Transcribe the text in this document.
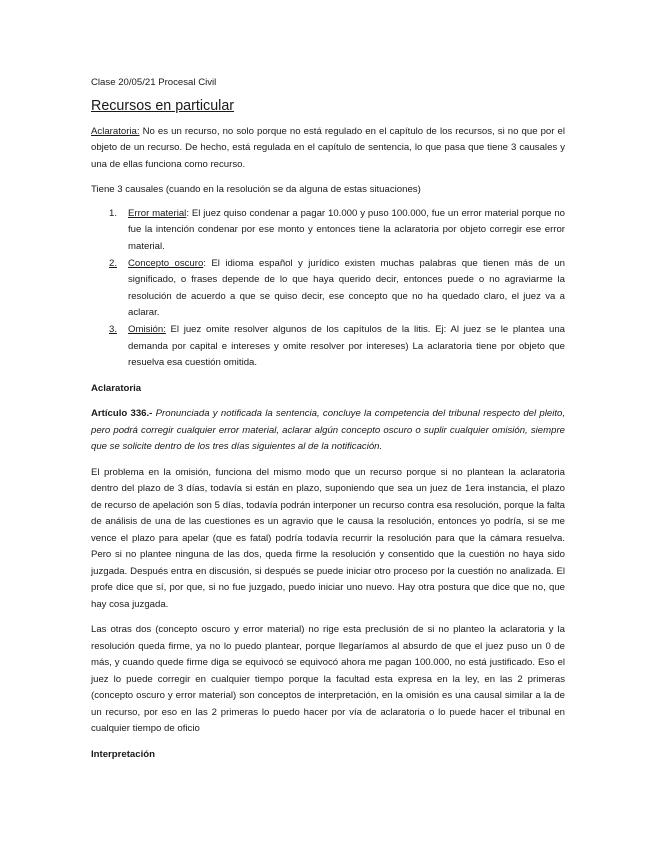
Clase 20/05/21 Procesal Civil

Recursos en particular

Aclaratoria: No es un recurso, no solo porque no está regulado en el capítulo de los recursos, si no que por el objeto de un recurso. De hecho, está regulada en el capítulo de sentencia, lo que pasa que tiene 3 causales y una de ellas funciona como recurso.

Tiene 3 causales (cuando en la resolución se da alguna de estas situaciones)

1. Error material: El juez quiso condenar a pagar 10.000 y puso 100.000, fue un error material porque no fue la intención condenar por ese monto y entonces tiene la aclaratoria por objeto corregir ese error material.
2. Concepto oscuro: El idioma español y jurídico existen muchas palabras que tienen más de un significado, o frases depende de lo que haya querido decir, entonces puede o no agraviarme la resolución de acuerdo a que se quiso decir, ese concepto que no ha quedado claro, el juez va a aclarar.
3. Omisión: El juez omite resolver algunos de los capítulos de la litis. Ej: Al juez se le plantea una demanda por capital e intereses y omite resolver por intereses) La aclaratoria tiene por objeto que resuelva esa cuestión omitida.

Aclaratoria

Artículo 336.- Pronunciada y notificada la sentencia, concluye la competencia del tribunal respecto del pleito, pero podrá corregir cualquier error material, aclarar algún concepto oscuro o suplir cualquier omisión, siempre que se solicite dentro de los tres días siguientes al de la notificación.

El problema en la omisión, funciona del mismo modo que un recurso porque si no plantean la aclaratoria dentro del plazo de 3 días, todavía si están en plazo, suponiendo que sea un juez de 1era instancia, el plazo de recurso de apelación son 5 días, todavía podrán interponer un recurso contra esa resolución, porque la falta de análisis de una de las cuestiones es un agravio que le causa la resolución, entonces yo podría, si se me vence el plazo para apelar (que es fatal) podría todavía recurrir la resolución para que la cámara resuelva. Pero si no plantee ninguna de las dos, queda firme la resolución y consentido que la cuestión no haya sido juzgada. Después entra en discusión, si después se puede iniciar otro proceso por la cuestión no analizada. El profe dice que sí, por que, si no fue juzgado, puedo iniciar uno nuevo. Hay otra postura que dice que no, que hay cosa juzgada.

Las otras dos (concepto oscuro y error material) no rige esta preclusión de si no planteo la aclaratoria y la resolución queda firme, ya no lo puedo plantear, porque llegaríamos al absurdo de que el juez puso un 0 de más, y cuando quede firme diga se equivocó se equivocó ahora me pagan 100.000, no está justificado. Eso el juez lo puede corregir en cualquier tiempo porque la facultad esta expresa en la ley, en las 2 primeras (concepto oscuro y error material) son conceptos de interpretación, en la omisión es una causal similar a la de un recurso, por eso en las 2 primeras lo puedo hacer por vía de aclaratoria o lo puede hacer el tribunal en cualquier tiempo de oficio

Interpretación
